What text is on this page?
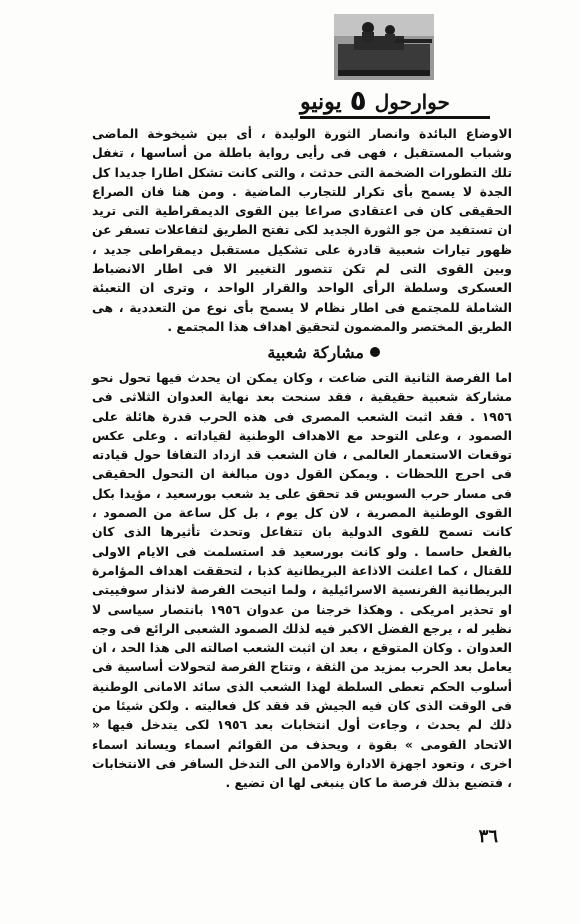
حوارحول
٥
يونيو

الاوضاع البائدة وانصار الثورة الوليدة ، أى بين شيخوخة الماضى وشباب المستقبل ، فهى فى رأيى رواية باطلة من أساسها ، تغفل تلك التطورات الضخمة التى حدثت ، والتى كانت تشكل اطارا جديدا كل الجدة لا يسمح بأى تكرار للتجارب الماضية . ومن هنا فان الصراع الحقيقى كان فى اعتقادى صراعا بين القوى الديمقراطية التى تريد ان تستفيد من جو الثورة الجديد لكى تفتح الطريق لتفاعلات تسفر عن ظهور تيارات شعبية قادرة على تشكيل مستقبل ديمقراطى جديد ، وبين القوى التى لم تكن تتصور التغيير الا فى اطار الانضباط العسكرى وسلطة الرأى الواحد والقرار الواحد ، وترى ان التعبئة الشاملة للمجتمع فى اطار نظام لا يسمح بأى نوع من التعددية ، هى الطريق المختصر والمضمون لتحقيق اهداف هذا المجتمع .

مشاركة شعبية

اما الفرصة الثانية التى ضاعت ، وكان يمكن ان يحدث فيها تحول نحو مشاركة شعبية حقيقية ، فقد سنحت بعد نهاية العدوان الثلاثى فى ١٩٥٦ . فقد اثبت الشعب المصرى فى هذه الحرب قدرة هائلة على الصمود ، وعلى التوحد مع الاهداف الوطنية لقياداته . وعلى عكس توقعات الاستعمار العالمى ، فان الشعب قد ازداد التفافا حول قيادته فى احرج اللحظات . ويمكن القول دون مبالغة ان التحول الحقيقى فى مسار حرب السويس قد تحقق على يد شعب بورسعيد ، مؤيدا بكل القوى الوطنية المصرية ، لان كل يوم ، بل كل ساعة من الصمود ، كانت تسمح للقوى الدولية بان تتفاعل وتحدث تأثيرها الذى كان بالفعل حاسما . ولو كانت بورسعيد قد استسلمت فى الايام الاولى للقتال ، كما اعلنت الاذاعة البريطانية كذبا ، لتحققت اهداف المؤامرة البريطانية الفرنسية الاسرائيلية ، ولما اتيحت الفرصة لانذار سوفييتى او تحذير امريكى . وهكذا خرجنا من عدوان ١٩٥٦ بانتصار سياسى لا نظير له ، يرجع الفضل الاكبر فيه لذلك الصمود الشعبى الرائع فى وجه العدوان . وكان المتوقع ، بعد ان اثبت الشعب اصالته الى هذا الحد ، ان يعامل بعد الحرب بمزيد من الثقة ، وتتاح الفرصة لتحولات أساسية فى أسلوب الحكم تعطى السلطة لهذا الشعب الذى سائد الامانى الوطنية فى الوقت الذى كان فيه الجيش قد فقد كل فعاليته . ولكن شيئا من ذلك لم يحدث ، وجاءت أول انتخابات بعد ١٩٥٦ لكى يتدخل فيها « الاتحاد القومى » بقوة ، ويحذف من القوائم اسماء ويساند اسماء اخرى ، وتعود اجهزة الادارة والامن الى التدخل السافر فى الانتخابات ، فتضيع بذلك فرصة ما كان ينبغى لها ان تضيع .

٣٦
